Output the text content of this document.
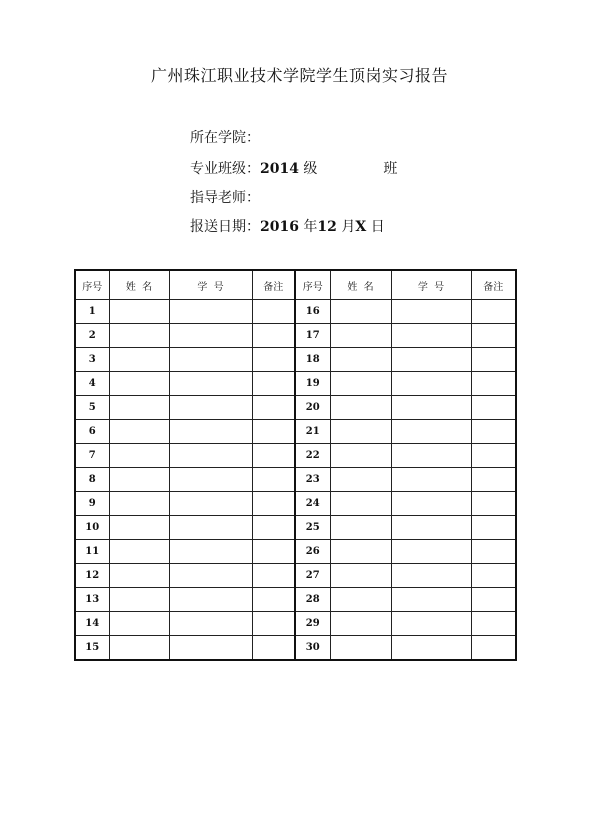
广州珠江职业技术学院学生顶岗实习报告
所在学院：
专业班级：2014 级	班
指导老师：
报送日期：2016 年12 月X 日
序号	姓  名	学  号	备注	序号	姓  名	学  号	备注
1				16			
2				17			
3				18			
4				19			
5				20			
6				21			
7				22			
8				23			
9				24			
10				25			
11				26			
12				27			
13				28			
14				29			
15				30			
